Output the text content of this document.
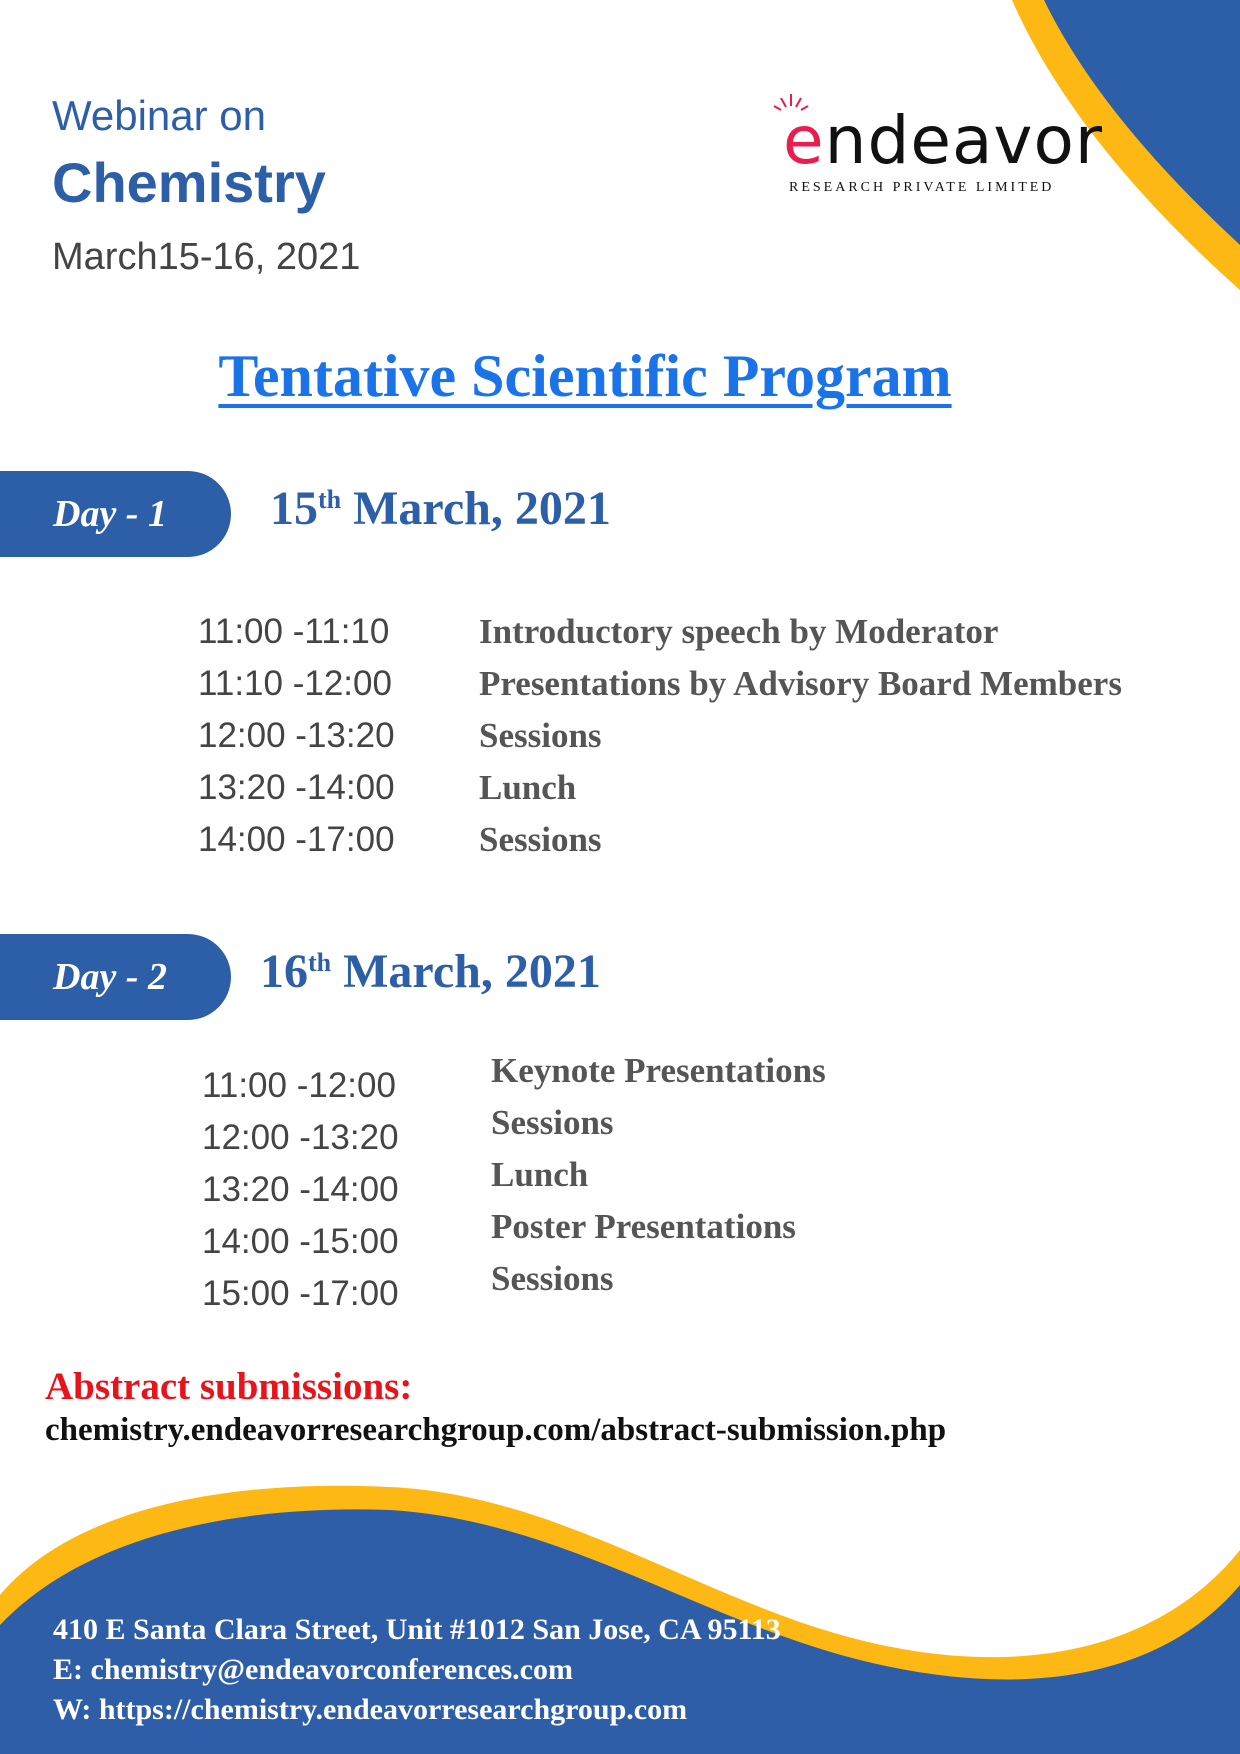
Webinar on
Chemistry
March15-16, 2021
endeavor
RESEARCH PRIVATE LIMITED
Tentative Scientific Program
Day - 1	15th March, 2021
11:00 -11:10	Introductory speech by Moderator
11:10 -12:00 Presentations by Advisory Board Members
12:00 -13:20 Sessions
13:20 -14:00 Lunch
14:00 -17:00 Sessions
Day - 2	16th March, 2021
11:00 -12:00	Keynote Presentations
12:00 -13:20	Sessions
13:20 -14:00	Lunch
14:00 -15:00	Poster Presentations
15:00 -17:00	Sessions
Abstract submissions:
chemistry.endeavorresearchgroup.com/abstract-submission.php
410 E Santa Clara Street, Unit #1012 San Jose, CA 95113
E: chemistry@endeavorconferences.com
W: https://chemistry.endeavorresearchgroup.com
